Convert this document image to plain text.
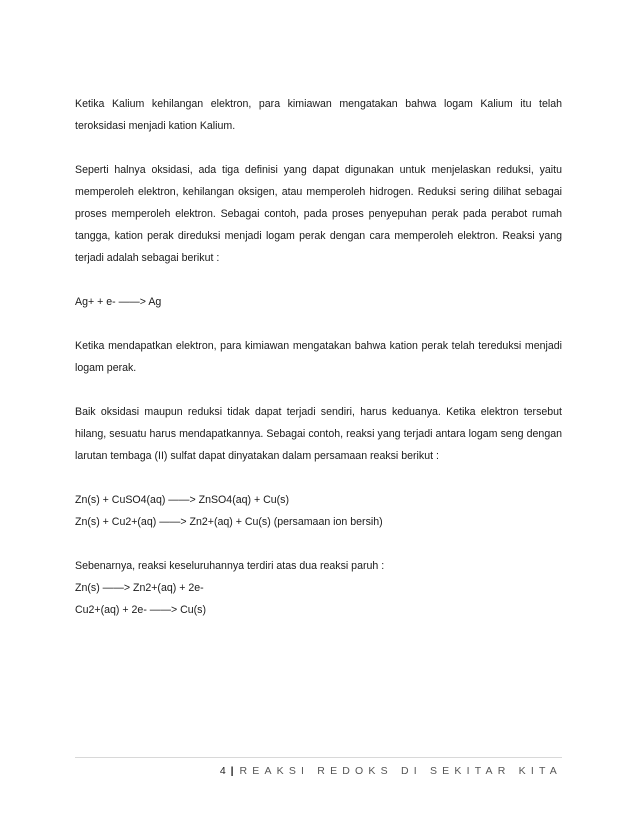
Ketika Kalium kehilangan elektron, para kimiawan mengatakan bahwa logam Kalium itu telah teroksidasi menjadi kation Kalium.

Seperti halnya oksidasi, ada tiga definisi yang dapat digunakan untuk menjelaskan reduksi, yaitu memperoleh elektron, kehilangan oksigen, atau memperoleh hidrogen. Reduksi sering dilihat sebagai proses memperoleh elektron. Sebagai contoh, pada proses penyepuhan perak pada perabot rumah tangga, kation perak direduksi menjadi logam perak dengan cara memperoleh elektron. Reaksi yang terjadi adalah sebagai berikut :

Ag+ + e- ——> Ag

Ketika mendapatkan elektron, para kimiawan mengatakan bahwa kation perak telah tereduksi menjadi logam perak.

Baik oksidasi maupun reduksi tidak dapat terjadi sendiri, harus keduanya. Ketika elektron tersebut hilang, sesuatu harus mendapatkannya. Sebagai contoh, reaksi yang terjadi antara logam seng dengan larutan tembaga (II) sulfat dapat dinyatakan dalam persamaan reaksi berikut :

Zn(s) + CuSO4(aq) ——> ZnSO4(aq) + Cu(s)
Zn(s) + Cu2+(aq) ——> Zn2+(aq) + Cu(s) (persamaan ion bersih)
Sebenarnya, reaksi keseluruhannya terdiri atas dua reaksi paruh :
Zn(s) ——> Zn2+(aq) + 2e-
Cu2+(aq) + 2e- ——> Cu(s)
4 | REAKSI REDOKS DI SEKITAR KITA
